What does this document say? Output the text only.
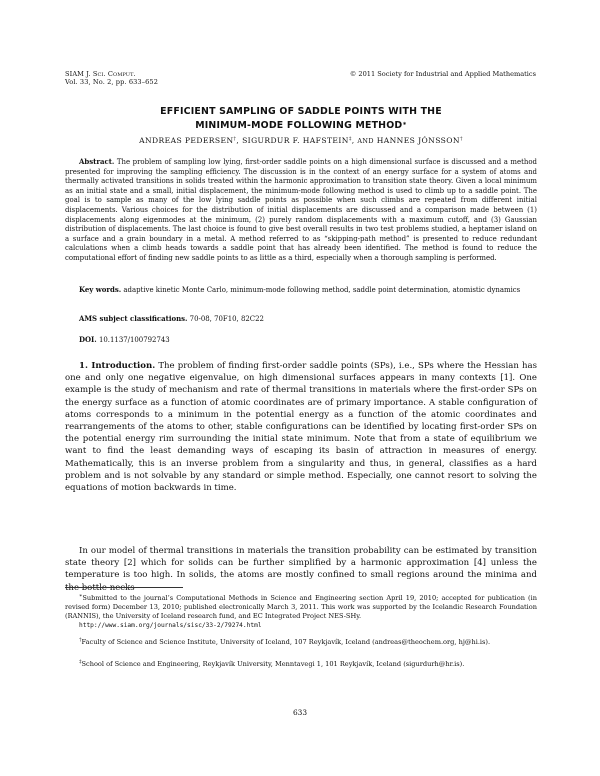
SIAM J. Sci. Comput.
Vol. 33, No. 2, pp. 633–652
© 2011 Society for Industrial and Applied Mathematics
EFFICIENT SAMPLING OF SADDLE POINTS WITH THE
MINIMUM-MODE FOLLOWING METHOD∗
ANDREAS PEDERSEN†, SIGURDUR F. HAFSTEIN‡, AND HANNES JÓNSSON†
Abstract. The problem of sampling low lying, first-order saddle points on a high dimensional surface is discussed and a method presented for improving the sampling efficiency. The discussion is in the context of an energy surface for a system of atoms and thermally activated transitions in solids treated within the harmonic approximation to transition state theory. Given a local minimum as an initial state and a small, initial displacement, the minimum-mode following method is used to climb up to a saddle point. The goal is to sample as many of the low lying saddle points as possible when such climbs are repeated from different initial displacements. Various choices for the distribution of initial displacements are discussed and a comparison made between (1) displacements along eigenmodes at the minimum, (2) purely random displacements with a maximum cutoff, and (3) Gaussian distribution of displacements. The last choice is found to give best overall results in two test problems studied, a heptamer island on a surface and a grain boundary in a metal. A method referred to as “skipping-path method” is presented to reduce redundant calculations when a climb heads towards a saddle point that has already been identified. The method is found to reduce the computational effort of finding new saddle points to as little as a third, especially when a thorough sampling is performed.
Key words. adaptive kinetic Monte Carlo, minimum-mode following method, saddle point determination, atomistic dynamics
AMS subject classifications. 70-08, 70F10, 82C22
DOI. 10.1137/100792743
1. Introduction. The problem of finding first-order saddle points (SPs), i.e., SPs where the Hessian has one and only one negative eigenvalue, on high dimensional surfaces appears in many contexts [1]. One example is the study of mechanism and rate of thermal transitions in materials where the first-order SPs on the energy surface as a function of atomic coordinates are of primary importance. A stable configuration of atoms corresponds to a minimum in the potential energy as a function of the atomic coordinates and rearrangements of the atoms to other, stable configurations can be identified by locating first-order SPs on the potential energy rim surrounding the initial state minimum. Note that from a state of equilibrium we want to find the least demanding ways of escaping its basin of attraction in measures of energy. Mathematically, this is an inverse problem from a singularity and thus, in general, classifies as a hard problem and is not solvable by any standard or simple method. Especially, one cannot resort to solving the equations of motion backwards in time.
In our model of thermal transitions in materials the transition probability can be estimated by transition state theory [2] which for solids can be further simplified by a harmonic approximation [4] unless the temperature is too high. In solids, the atoms are mostly confined to small regions around the minima and the bottle necks
∗Submitted to the journal’s Computational Methods in Science and Engineering section April 19, 2010; accepted for publication (in revised form) December 13, 2010; published electronically March 3, 2011. This work was supported by the Icelandic Research Foundation (RANNIS), the University of Iceland research fund, and EC Integrated Project NES-SHy.
http://www.siam.org/journals/sisc/33-2/79274.html
†Faculty of Science and Science Institute, University of Iceland, 107 Reykjavík, Iceland (andreas@theochem.org, hj@hi.is).
‡School of Science and Engineering, Reykjavík University, Menntavegi 1, 101 Reykjavík, Iceland (sigurdurh@hr.is).
633
